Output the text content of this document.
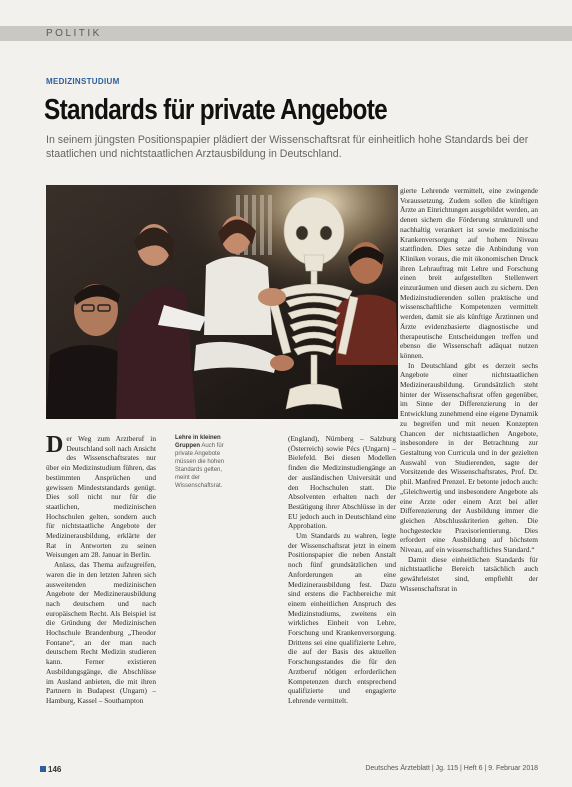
POLITIK
MEDIZINSTUDIUM
Standards für private Angebote
In seinem jüngsten Positionspapier plädiert der Wissenschaftsrat für einheitlich hohe Standards bei der staatlichen und nichtstaatlichen Arztausbildung in Deutschland.

Der Weg zum Arztberuf in Deutschland soll nach Ansicht des Wissenschaftsrates nur über ein Medizinstudium führen, das bestimmten Ansprüchen und gewissen Mindeststandards genügt. Dies soll nicht nur für die staatlichen, medizinischen Hochschulen gelten, sondern auch für nichtstaatliche Angebote der Medizinerausbildung, erklärte der Rat in Antworten zu seinen Weisungen am 28. Januar in Berlin.

Anlass, das Thema aufzugreifen, waren die in den letzten Jahren sich ausweitenden medizinischen Angebote der Medizinerausbildung nach deutschem und nach europäischem Recht. Als Beispiel ist die Gründung der Medizinischen Hochschule Brandenburg „Theodor Fontane“, an der man nach deutschem Recht Medizin studieren kann. Ferner existieren Ausbildungsgänge, die Abschlüsse im Ausland anbieten, die mit ihren Partnern in Budapest (Ungarn) – Hamburg, Kassel – Southampton

Lehre in kleinen Gruppen Auch für private Angebote müssen die hohen Standards gelten, meint der Wissenschaftsrat.

(England), Nürnberg – Salzburg (Österreich) sowie Pécs (Ungarn) – Bielefeld. Bei diesen Modellen finden die Medizinstudiengänge an der ausländischen Universität und den Hochschulen statt. Die Absolventen erhalten nach der Bestätigung ihrer Abschlüsse in der EU jedoch auch in Deutschland eine Approbation.

Um Standards zu wahren, legte der Wissenschaftsrat jetzt in einem Positionspapier die neben Anstalt noch fünf grundsätzlichen und Anforderungen an eine Medizinerausbildung fest. Dazu sind erstens die Fachbereiche mit einem einheitlichen Anspruch des Medizinstudiums, zweitens ein wirkliches Einheit von Lehre, Forschung und Krankenversorgung. Drittens sei eine qualifizierte Lehre, die auf der Basis des aktuellen Forschungsstandes die für den Arztberuf nötigen erforderlichen Kompetenzen durch entsprechend qualifizierte und engagierte Lehrende vermittelt.

gierte Lehrende vermittelt, eine zwingende Voraussetzung. Zudem sollen die künftigen Ärzte an Einrichtungen ausgebildet werden, an denen sichern die Förderung strukturell und nachhaltig verankert ist sowie medizinische Krankenversorgung auf hohem Niveau stattfinden. Dies setze die Anbindung von Kliniken voraus, die mit ökonomischen Druck ihren Lehrauftrag mit Lehre und Forschung einen breit aufgestellten Stellenwert einzuräumen und diesen auch zu sichern. Den Medizinstudierenden sollen praktische und wissenschaftliche Kompetenzen vermittelt werden, damit sie als künftige Ärztinnen und Ärzte evidenzbasierte diagnostische und therapeutische Entscheidungen treffen und ebenso die Wissenschaft adäquat nutzen können.

In Deutschland gibt es derzeit sechs Angebote einer nichtstaatlichen Medizinerausbildung. Grundsätzlich steht hinter der Wissenschaftsrat offen gegenüber, im Sinne der Differenzierung in der Entwicklung zunehmend eine eigene Dynamik zu begreifen und mit neuen Konzepten Chancen der nichtstaatlichen Angebote, insbesondere in der Betrachtung zur Gestaltung von Curricula und in der gezielten Auswahl von Studierenden, sagte der Vorsitzende des Wissenschaftsrates, Prof. Dr. phil. Manfred Prenzel. Er betonte jedoch auch: „Gleichwertig und insbesondere Angebote als eine Arzte oder einem Arzt bei aller Differenzierung der Ausbildung immer die gleichen Abschlusskriterien gelten. Die hochgesteckte Praxisorientierung. Dies erfordert eine Ausbildung auf höchstem Niveau, auf ein wissenschaftliches Standard.“

Damit diese einheitlichen Standards für nichtstaatliche Bereich tatsächlich auch gewährleistet sind, empfiehlt der Wissenschaftsrat in

146	Deutsches Ärzteblatt | Jg. 115 | Heft 6 | 9. Februar 2018
